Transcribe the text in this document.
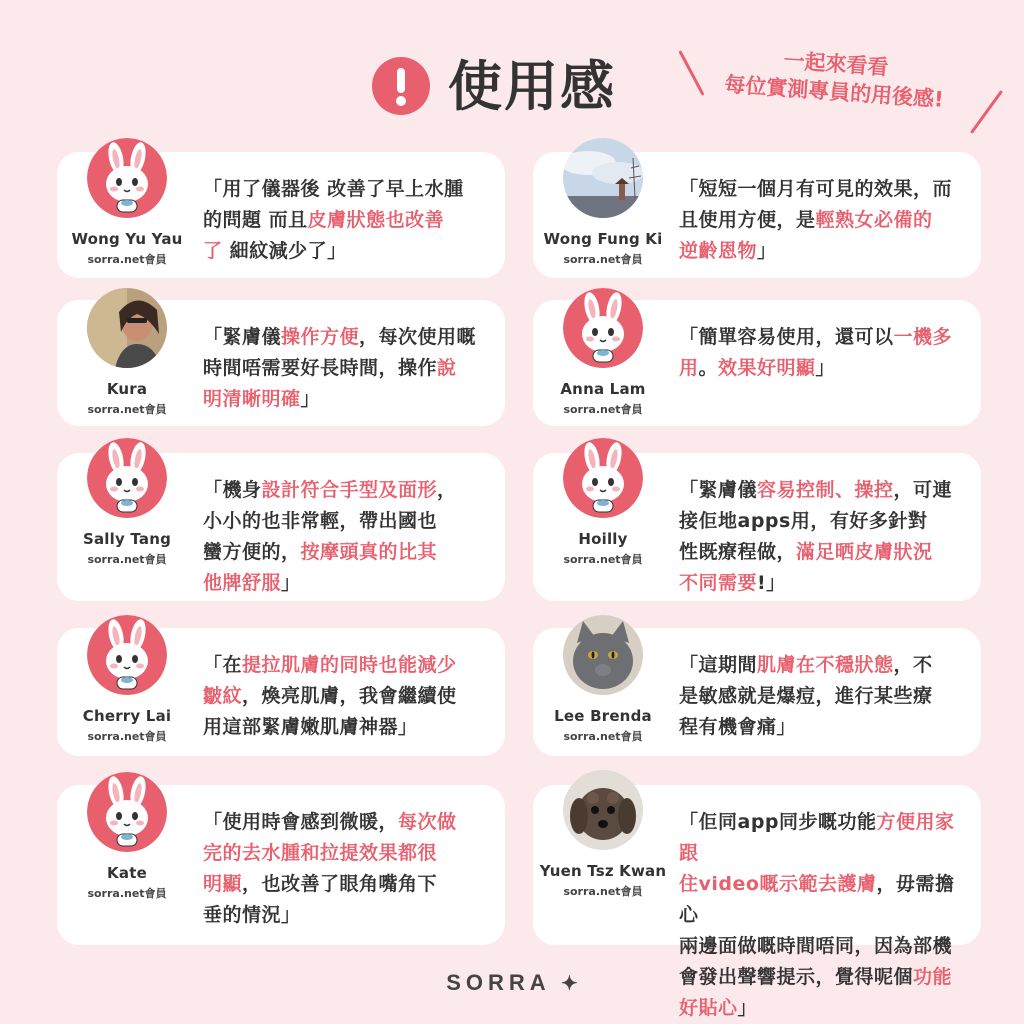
使用感	一起來看看
每位實測專員的用後感!
SORRA ✦
「用了儀器後 改善了早上水腫
的問題 而且皮膚狀態也改善
了 細紋減少了」
Wong Yu Yau
sorra.net會員
「短短一個月有可見的效果，而
且使用方便，是輕熟女必備的
逆齡恩物」
Wong Fung Ki
sorra.net會員
「緊膚儀操作方便，每次使用嘅
時間唔需要好長時間，操作說
明清晰明確」
Kura
sorra.net會員
「簡單容易使用，還可以一機多
用。效果好明顯」
Anna Lam
sorra.net會員
「機身設計符合手型及面形，
小小的也非常輕，帶出國也
蠻方便的，按摩頭真的比其
他牌舒服」
Sally Tang
sorra.net會員
「緊膚儀容易控制、操控，可連
接佢地apps用，有好多針對
性既療程做，滿足晒皮膚狀況
不同需要!」
Hoilly
sorra.net會員
「在提拉肌膚的同時也能減少
皺紋，煥亮肌膚，我會繼續使
用這部緊膚嫩肌膚神器」
Cherry Lai
sorra.net會員
「這期間肌膚在不穩狀態，不
是敏感就是爆痘，進行某些療
程有機會痛」
Lee Brenda
sorra.net會員
「使用時會感到微暖，每次做
完的去水腫和拉提效果都很
明顯，也改善了眼角嘴角下
垂的情況」
Kate
sorra.net會員
「佢同app同步嘅功能方便用家跟
住video嘅示範去護膚，毋需擔心
兩邊面做嘅時間唔同，因為部機
會發出聲響提示，覺得呢個功能
好貼心」
Yuen Tsz Kwan
sorra.net會員
